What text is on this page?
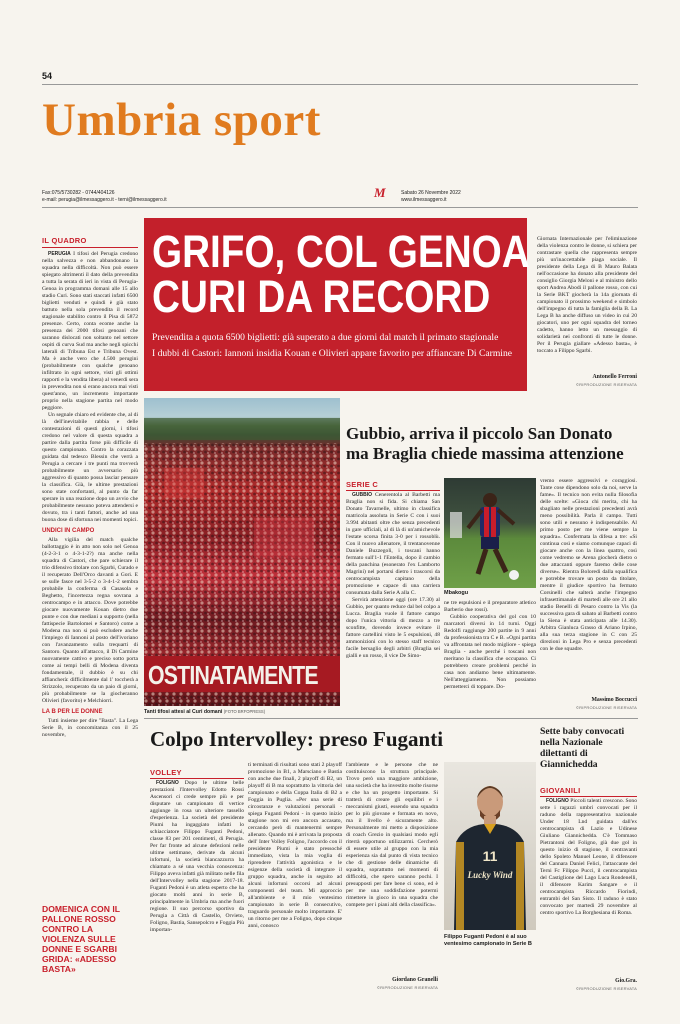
54
Umbria sport
Fax:075/5730282 - 0744/404126
e-mail: perugia@ilmessaggero.it - terni@ilmessaggero.it	M	Sabato 26 Novembre 2022
www.ilmessaggero.it
IL QUADRO

PERUGIA I tifosi del Perugia credono nella salvezza e non abbandonano la squadra nella difficoltà. Non può essere spiegato altrimenti il dato della prevendita a tutta la serata di ieri in vista di Perugia-Genoa in programma domani alle 15 allo stadio Curi. Sono stati staccati infatti 6500 biglietti venduti e quindi è già stato battuto nella sola prevendita il record stagionale stabilito contro il Pisa di 5872 presenze. Certo, conta ecome anche la presenza dei 2000 tifosi genoani che saranno dislocati non soltanto nel settore ospiti di curva Sud ma anche negli spicchi laterali di Tribuna Est e Tribuna Ovest. Ma è anche vero che 4.500 perugini (probabilmente con qualche genoano infiltrato in ogni settore, visti gli ottimi rapporti e la vendita libera) al venerdì sera in prevendita non si erano ancora mai visti quest'anno, un incremento importante proprio nella stagione partita nel modo peggiore.

Un segnale chiaro ed evidente che, al di là dell'inevitabile rabbia e delle contestazioni di questi giorni, i tifosi credono nel valore di questa squadra a partire dalla partita forse più difficile di questo campionato. Contro la corazzata guidata dal tedesco Blessin che verrà a Perugia a cercare i tre punti ma trovverà probabilmente un avversario più aggressivo di quanto possa lasciar pensare la classifica. Già, le ultime prestazioni sono state confortanti, al punto da far sperare in una reazione dopo un avvio che probabilmente nessuno poteva attendersi e dovuto, tra i tanti fattori, anche ad una buona dose di sfortuna nei momenti topici.

UNDICI IN CAMPO

Alla vigilia del match qualche ballottaggio è in atto non solo nel Genoa (4-2-3-1 o 4-3-1-2?) ma anche nella squadra di Castori, che pare schierare il trio difensivo titolare con Sgarbi, Curado e il recuperato Dell'Orco davanti a Gori. E se sulle fasce nel 3-5-2 o 3-4-1-2 sembra probabile la conferma di Casasola e Beghetto, l'incertezza regna sovrana a centrocampo e in attacco. Dove potrebbe giocare nuovamente Kouan dietro due punte e con due mediani a supporto (nella fattispecie Bartolomei e Santoro) come a Modena ma non si può escludere anche l'impiego di Iannoni al posto dell'ivoriano con l'avanzamento sulla trequarti di Santoro. Quanto all'attacco, il Di Carmine nuovamente cattivo e preciso sotto porta come ai tempi belli di Modena diventa fondamentale, il dubbio è su chi affiancherà: difficilmente dal 1' toccherà a Strizzolo, recuperato da un paio di giorni, più probabilmente se la giocheranno Olivieri (favorito) e Melchiorri.

LA B PER LE DONNE

Tutti insieme per dire "Basta". La Lega Serie B, in concomitanza con il 25 novembre,

DOMENICA CON IL PALLONE ROSSO CONTRO LA VIOLENZA SULLE DONNE E SGARBI GRIDA: «ADESSO BASTA»
GRIFO, COL GENOA
CURI DA RECORD
Prevendita a quota 6500 biglietti: già superato a due giorni dal match il primato stagionale
I dubbi di Castori: Iannoni insidia Kouan e Olivieri appare favorito per affiancare Di Carmine
Giornata Internazionale per l'eliminazione della violenza contro le donne, si schiera per contrastare quella che rappresenta sempre più un'inaccettabile piaga sociale. Il presidente della Lega di B Mauro Balata nell'occasione ha donato alla presidente del consiglio Giorgia Meloni e al ministro dello sport Andrea Abodi il pallone rosso, con cui la Serie BKT giocherà la 14a giornata di campionato il prossimo weekend e simbolo dell'impegno di tutta la famiglia della B. La Lega B ha anche diffuso un video in cui 20 giocatori, uno per ogni squadra del torneo cadetto, hanno letto un messaggio di solidarietà nei confronti di tutte le donne. Per il Perugia giallare «Adesso basta», è toccato a Filippo Sgarbi.
Antonello Ferroni
©RIPRODUZIONE RISERVATA
OSTINATAMENTE
Tanti tifosi attesi al Curi domani (FOTO BRFOPRESS)
Gubbio, arriva il piccolo San Donato
ma Braglia chiede massima attenzione
SERIE C

GUBBIO Cenerentola al Barbetti ma Braglia non si fida. Si chiama San Donato Tavarnelle, ultimo in classifica matricola assoluta in Serie C con i suoi 3.994 abitanti oltre che senza precedenti in gare ufficiali, al di là di un'amichevole l'estate scorsa finita 3-0 per i rossoblù. Con il nuovo allenatore, il trentanovenne Daniele Buzzegoli, i toscani hanno fermato sull'1-1 l'Entella, dopo il cambio della panchina (esonerato l'ex Lamborto Magrini) nel portarsi dietro i trascorsi da centrocampista capitano della promozione e capace di una carriera consumata dalla Serie A alla C.

Servirà attenzione oggi (ore 17.30) al Gubbio, per quanto reduce dal bel colpo a Lucca. Braglia vuole il fattore campo dopo l'unica vittoria di mezzo a tre sconfitte, dovendo invece evitare il fattore cartellini visto le 5 espulsioni, 48 ammonizioni con lo stesso staff tecnico facile bersaglio degli arbitri (Braglia sei gialli e un rosso, il vice De Simo-

Mbakogu

ne tre espulsioni e il preparatore atletico Barberio due rossi).

Gubbio cooperativa del gol con 10 marcatori diversi in 14 turni. Oggi Redolfi raggiunge 200 partite in 9 anni da professionista tra C e B. «Ogni partita va affrontata nel modo migliore - spiega Braglia - anche perché i toscani non meritano la classifica che occupano. Ci potrebbero creare problemi perché in casa non andiamo bene ultimamente. Nell'atteggiamento. Non possiamo permetterci di toppare. Do-

vremo essere aggressivi e coraggiosi. Tante cose dipendono solo da noi, serve la fame». Il tecnico non evita nulla filosofia delle scelte: «Gioca chi merita, chi ha sbagliato nelle prestazioni precedenti avrà meno possibilità. Parla il campo. Tutti sono utili e nessuno è indispensabile. Al primo posto per me viene sempre la squadra». Confermata la difesa a tre: «Si continua così e siamo comunque capaci di giocare anche con la linea quattro, così come vedremo se Arena giocherà dietro o due attaccanti oppure faremo delle cose diverse». Rientra Boloredi dalla squalifica e potrebbe trovare un posto da titolare, mentre il giudice sportivo ha fermato Corsinelli che salterà anche l'impegno infrasettimanale di martedì alle ore 21 allo stadio Benelli di Pesaro contro la Vis (la successiva gara di sabato al Barbetti contro la Siena è stata anticipata alle 14.30). Arbitra Gianluca Grasso di Ariano Irpino, alla sua terza stagione in C con 25 direzioni in Lega Pro e senza precedenti con le due squadre.
Massimo Boccucci
©RIPRODUZIONE RISERVATA
Colpo Intervolley: preso Fuganti
VOLLEY

FOLIGNO Dopo le ultime belle prestazioni l'Intervolley Edotto Rossi Ascensori ci crede sempre più e per disputare un campionato di vertice aggiunge in rosa un ulteriore tassello d'esperienza. La società del presidente Piumi ha ingaggiato infatti lo schiacciatore Filippo Fuganti Pedoni, classe 83 per 201 centimetri, di Perugia. Per far fronte ad alcune defezioni nelle ultime settimane, derivate da alcuni infortuni, la società biancazzurra ha chiamato a sé una vecchia conoscenza: Filippo aveva infatti già militato nelle fila dell'Intervolley nella stagione 2017-18. Fuganti Pedoni è un atleta esperto che ha giocato molti anni in serie B, principalmente in Umbria ma anche fuori regione. Il suo percorso sportivo da Perugia a Città di Castello, Orvieto, Foligno, Bastia, Sansepolcro e Foggia Più importan-

ti terminati di risultati sono stati 2 playoff promozione in B1, a Marsciano e Bastia con anche due finali, 2 playoff di B2, un playoff di B ma soprattutto la vittoria del campionato e della Coppa Italia di B2 a Foggia in Puglia. «Per una serie di circostanze e valutazioni personali - spiega Fuganti Pedoni - in questo inizio stagione non mi ero ancora accasato, cercando però di mantenermi sempre allenato. Quando mi è arrivata la proposta dell' Inter Volley Foligno, l'accordo con il presidente Piumi è stato pressoché immediato, vista la mia voglia di riprendere l'attività agonistica e le esigenze della società di integrare il gruppo squadra, anche in seguito ad alcuni infortuni occorsi ad alcuni componenti del team. Mi approccio all'ambiente e il mio ventesimo campionato in serie B consecutivo, traguardo personale molto importante. E' un ritorno per me a Foligno, dopo cinque anni, conosco
l'ambiente e le persone che ne costituiscono la struttura principale. Trovo però una maggiore ambizione, una società che ha investito molte risorse e che ha un progetto importante. Si tratterà di creare gli equilibri e i meccanismi giusti, essendo una squadra per lo più giovane e formata en novo, ma il livello è sicuramente alto. Personalmente mi metto a disposizione di coach Grezio in qualsiasi modo egli riterrà opportuno utilizzarmi. Cercherò di essere utile al gruppo con la mia esperienza sia dal punto di vista tecnico che di gestione delle dinamiche di squadra, soprattutto nei momenti di difficoltà, che spero saranno pochi. I presupposti per fare bene ci sono, ed è per me una soddisfazione potermi rimettere in gioco in una squadra che compete per i piani alti della classifica».
Giordano Granelli
©RIPRODUZIONE RISERVATA
11
Lucky Wind
Filippo Fuganti Pedoni è al suo ventesimo campionato in Serie B
Sette baby convocati nella Nazionale dilettanti di Giannichedda
GIOVANILI

FOLIGNO Piccoli talenti crescono. Sono sette i ragazzi umbri convocati per il raduno della rappresentativa nazionale Under 18 Lnd guidata dall'ex centrocampista di Lazio e Udinese Giuliano Giannichedda. C'è Tommaso Pietrantoni del Foligno, già due gol in questo inizio di stagione, il centravanti dello Spoleto Manuel Leone, il difensore del Cannara Daniel Felici, l'attaccante del Terni Fc Filippo Pucci, il centrocampista del Castiglione del Lago Luca Rondenelli, il difensore Karim Sangare e il centrocampista Riccardo Fiorindi, entrambi del San Sisto. Il raduno è stato convocato per martedì 29 novembre al centro sportivo La Borghesiana di Roma.

Gio.Gra.
©RIPRODUZIONE RISERVATA
